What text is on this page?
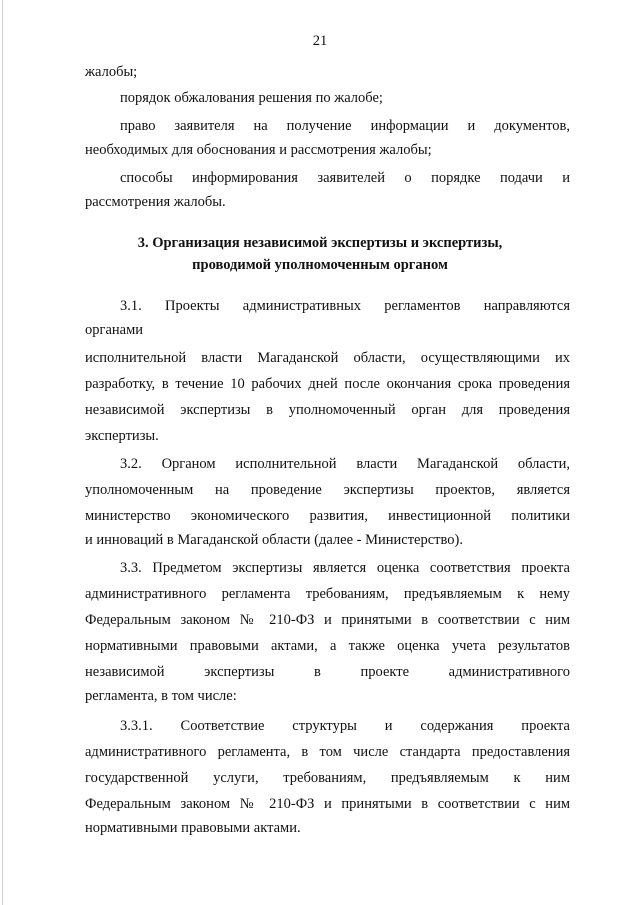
21
жалобы;
порядок обжалования решения по жалобе;
право заявителя на получение информации и документов,
необходимых для обоснования и рассмотрения жалобы;
способы информирования заявителей о порядке подачи и
рассмотрения жалобы.
3. Организация независимой экспертизы и экспертизы,
проводимой уполномоченным органом
3.1. Проекты административных регламентов направляются
органами
исполнительной власти Магаданской области, осуществляющими их
разработку, в течение 10 рабочих дней после окончания срока проведения
независимой экспертизы в уполномоченный орган для проведения
экспертизы.
3.2. Органом исполнительной власти Магаданской области,
уполномоченным на проведение экспертизы проектов, является
министерство экономического развития, инвестиционной политики
и инноваций в Магаданской области (далее - Министерство).
3.3. Предметом экспертизы является оценка соответствия проекта
административного регламента требованиям, предъявляемым к нему
Федеральным законом № 210-ФЗ и принятыми в соответствии с ним
нормативными правовыми актами, а также оценка учета результатов
независимой экспертизы в проекте административного
регламента, в том числе:
3.3.1. Соответствие структуры и содержания проекта
административного регламента, в том числе стандарта предоставления
государственной услуги, требованиям, предъявляемым к ним
Федеральным законом № 210-ФЗ и принятыми в соответствии с ним
нормативными правовыми актами.
